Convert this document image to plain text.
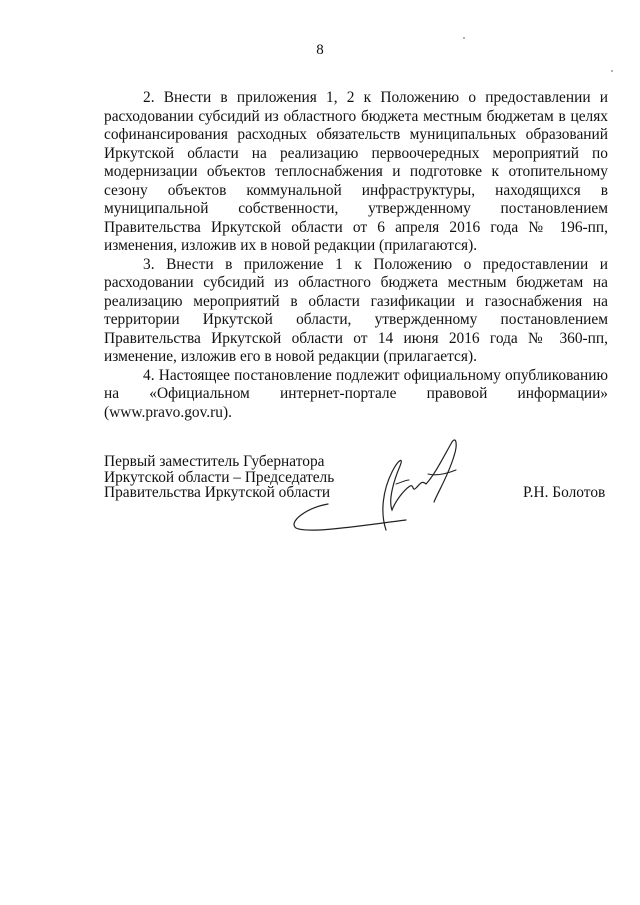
8

2. Внести в приложения 1, 2 к Положению о предоставлении и расходовании субсидий из областного бюджета местным бюджетам в целях софинансирования расходных обязательств муниципальных образований Иркутской области на реализацию первоочередных мероприятий по модернизации объектов теплоснабжения и подготовке к отопительному сезону объектов коммунальной инфраструктуры, находящихся в муниципальной собственности, утвержденному постановлением Правительства Иркутской области от 6 апреля 2016 года № 196-пп, изменения, изложив их в новой редакции (прилагаются).

3. Внести в приложение 1 к Положению о предоставлении и расходовании субсидий из областного бюджета местным бюджетам на реализацию мероприятий в области газификации и газоснабжения на территории Иркутской области, утвержденному постановлением Правительства Иркутской области от 14 июня 2016 года № 360-пп, изменение, изложив его в новой редакции (прилагается).

4. Настоящее постановление подлежит официальному опубликованию на «Официальном интернет-портале правовой информации» (www.pravo.gov.ru).

Первый заместитель Губернатора
Иркутской области – Председатель
Правительства Иркутской области	Р.Н. Болотов
